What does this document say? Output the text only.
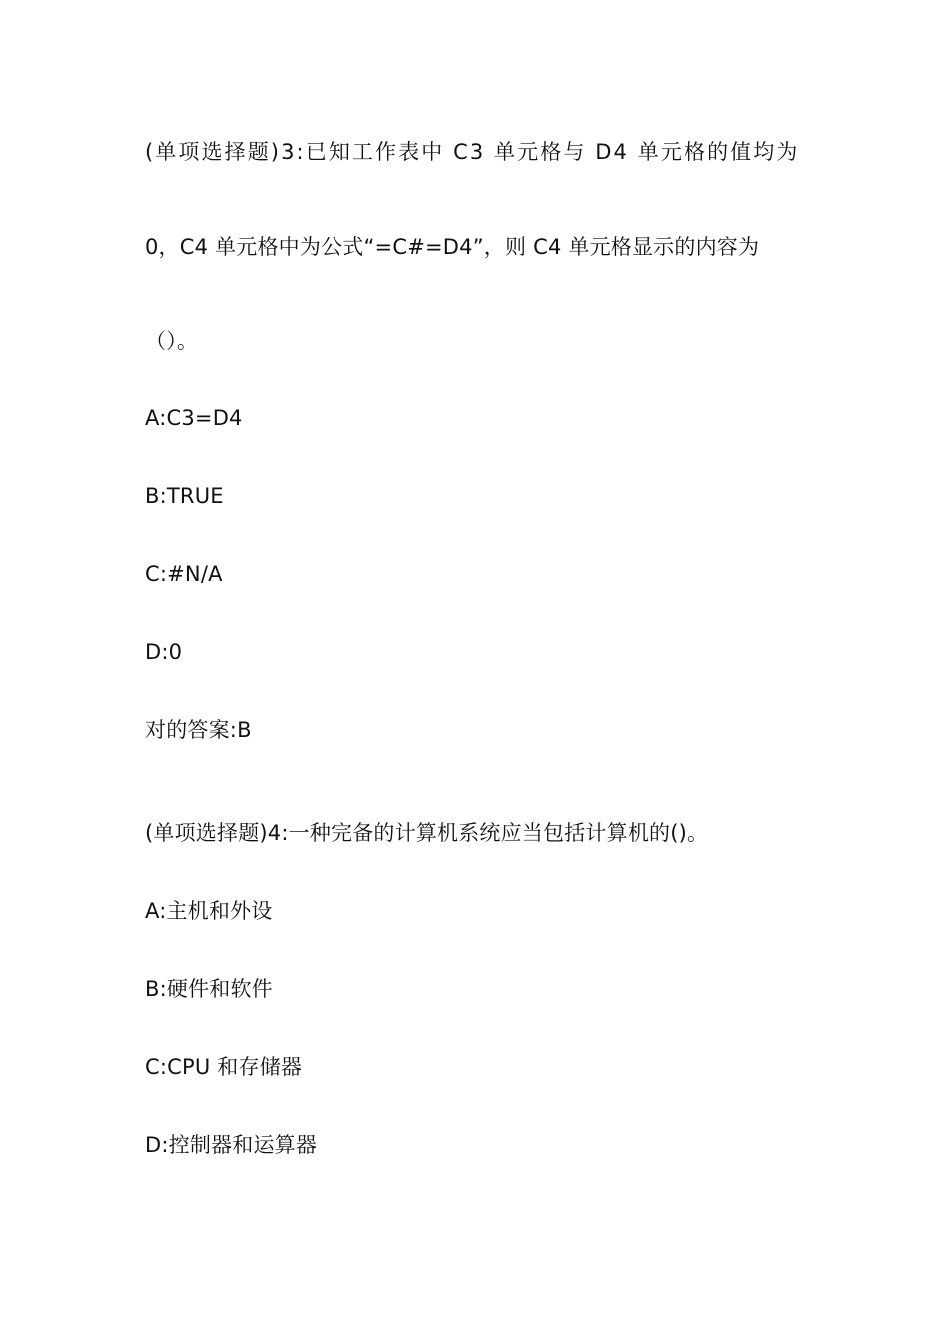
(单项选择题)3:已知工作表中 C3 单元格与 D4 单元格的值均为
0，C4 单元格中为公式“=C#=D4”，则 C4 单元格显示的内容为
（）。
A:C3=D4
B:TRUE
C:#N/A
D:0
对的答案:B
(单项选择题)4:一种完备的计算机系统应当包括计算机的()。
A:主机和外设
B:硬件和软件
C:CPU 和存储器
D:控制器和运算器
